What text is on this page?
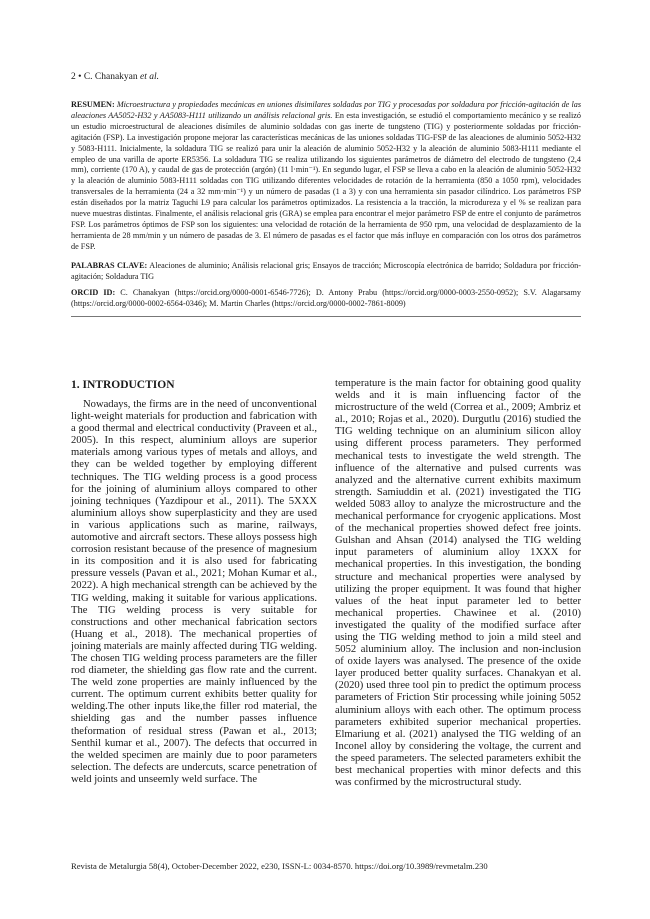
2 • C. Chanakyan et al.
RESUMEN: Microestructura y propiedades mecánicas en uniones disimilares soldadas por TIG y procesadas por soldadura por fricción-agitación de las aleaciones AA5052-H32 y AA5083-H111 utilizando un análisis relacional gris. En esta investigación, se estudió el comportamiento mecánico y se realizó un estudio microestructural de aleaciones disímiles de aluminio soldadas con gas inerte de tungsteno (TIG) y posteriormente soldadas por fricción-agitación (FSP). La investigación propone mejorar las características mecánicas de las uniones soldadas TIG-FSP de las aleaciones de aluminio 5052-H32 y 5083-H111. Inicialmente, la soldadura TIG se realizó para unir la aleación de aluminio 5052-H32 y la aleación de aluminio 5083-H111 mediante el empleo de una varilla de aporte ER5356. La soldadura TIG se realiza utilizando los siguientes parámetros de diámetro del electrodo de tungsteno (2,4 mm), corriente (170 A), y caudal de gas de protección (argón) (11 l·min⁻¹). En segundo lugar, el FSP se lleva a cabo en la aleación de aluminio 5052-H32 y la aleación de aluminio 5083-H111 soldadas con TIG utilizando diferentes velocidades de rotación de la herramienta (850 a 1050 rpm), velocidades transversales de la herramienta (24 a 32 mm·min⁻¹) y un número de pasadas (1 a 3) y con una herramienta sin pasador cilíndrico. Los parámetros FSP están diseñados por la matriz Taguchi L9 para calcular los parámetros optimizados. La resistencia a la tracción, la microdureza y el % se realizan para nueve muestras distintas. Finalmente, el análisis relacional gris (GRA) se emplea para encontrar el mejor parámetro FSP de entre el conjunto de parámetros FSP. Los parámetros óptimos de FSP son los siguientes: una velocidad de rotación de la herramienta de 950 rpm, una velocidad de desplazamiento de la herramienta de 28 mm/min y un número de pasadas de 3. El número de pasadas es el factor que más influye en comparación con los otros dos parámetros de FSP.
PALABRAS CLAVE: Aleaciones de aluminio; Análisis relacional gris; Ensayos de tracción; Microscopía electrónica de barrido; Soldadura por fricción-agitación; Soldadura TIG
ORCID ID: C. Chanakyan (https://orcid.org/0000-0001-6546-7726); D. Antony Prabu (https://orcid.org/0000-0003-2550-0952); S.V. Alagarsamy (https://orcid.org/0000-0002-6564-0346); M. Martin Charles (https://orcid.org/0000-0002-7861-8009)
1. INTRODUCTION

Nowadays, the firms are in the need of unconventional light-weight materials for production and fabrication with a good thermal and electrical conductivity (Praveen et al., 2005). In this respect, aluminium alloys are superior materials among various types of metals and alloys, and they can be welded together by employing different techniques. The TIG welding process is a good process for the joining of aluminium alloys compared to other joining techniques (Yazdipour et al., 2011). The 5XXX aluminium alloys show superplasticity and they are used in various applications such as marine, railways, automotive and aircraft sectors. These alloys possess high corrosion resistant because of the presence of magnesium in its composition and it is also used for fabricating pressure vessels (Pavan et al., 2021; Mohan Kumar et al., 2022). A high mechanical strength can be achieved by the TIG welding, making it suitable for various applications. The TIG welding process is very suitable for constructions and other mechanical fabrication sectors (Huang et al., 2018). The mechanical properties of joining materials are mainly affected during TIG welding. The chosen TIG welding process parameters are the filler rod diameter, the shielding gas flow rate and the current. The weld zone properties are mainly influenced by the current. The optimum current exhibits better quality for welding.The other inputs like,the filler rod material, the shielding gas and the number passes influence theformation of residual stress (Pawan et al., 2013; Senthil kumar et al., 2007). The defects that occurred in the welded specimen are mainly due to poor parameters selection. The defects are undercuts, scarce penetration of weld joints and unseemly weld surface. The

temperature is the main factor for obtaining good quality welds and it is main influencing factor of the microstructure of the weld (Correa et al., 2009; Ambriz et al., 2010; Rojas et al., 2020). Durgutlu (2016) studied the TIG welding technique on an aluminium silicon alloy using different process parameters. They performed mechanical tests to investigate the weld strength. The influence of the alternative and pulsed currents was analyzed and the alternative current exhibits maximum strength. Samiuddin et al. (2021) investigated the TIG welded 5083 alloy to analyze the microstructure and the mechanical performance for cryogenic applications. Most of the mechanical properties showed defect free joints. Gulshan and Ahsan (2014) analysed the TIG welding input parameters of aluminium alloy 1XXX for mechanical properties. In this investigation, the bonding structure and mechanical properties were analysed by utilizing the proper equipment. It was found that higher values of the heat input parameter led to better mechanical properties. Chawinee et al. (2010) investigated the quality of the modified surface after using the TIG welding method to join a mild steel and 5052 aluminium alloy. The inclusion and non-inclusion of oxide layers was analysed. The presence of the oxide layer produced better quality surfaces. Chanakyan et al. (2020) used three tool pin to predict the optimum process parameters of Friction Stir processing while joining 5052 aluminium alloys with each other. The optimum process parameters exhibited superior mechanical properties. Elmariung et al. (2021) analysed the TIG welding of an Inconel alloy by considering the voltage, the current and the speed parameters. The selected parameters exhibit the best mechanical properties with minor defects and this was confirmed by the microstructural study.

Revista de Metalurgia 58(4), October-December 2022, e230, ISSN-L: 0034-8570. https://doi.org/10.3989/revmetalm.230
